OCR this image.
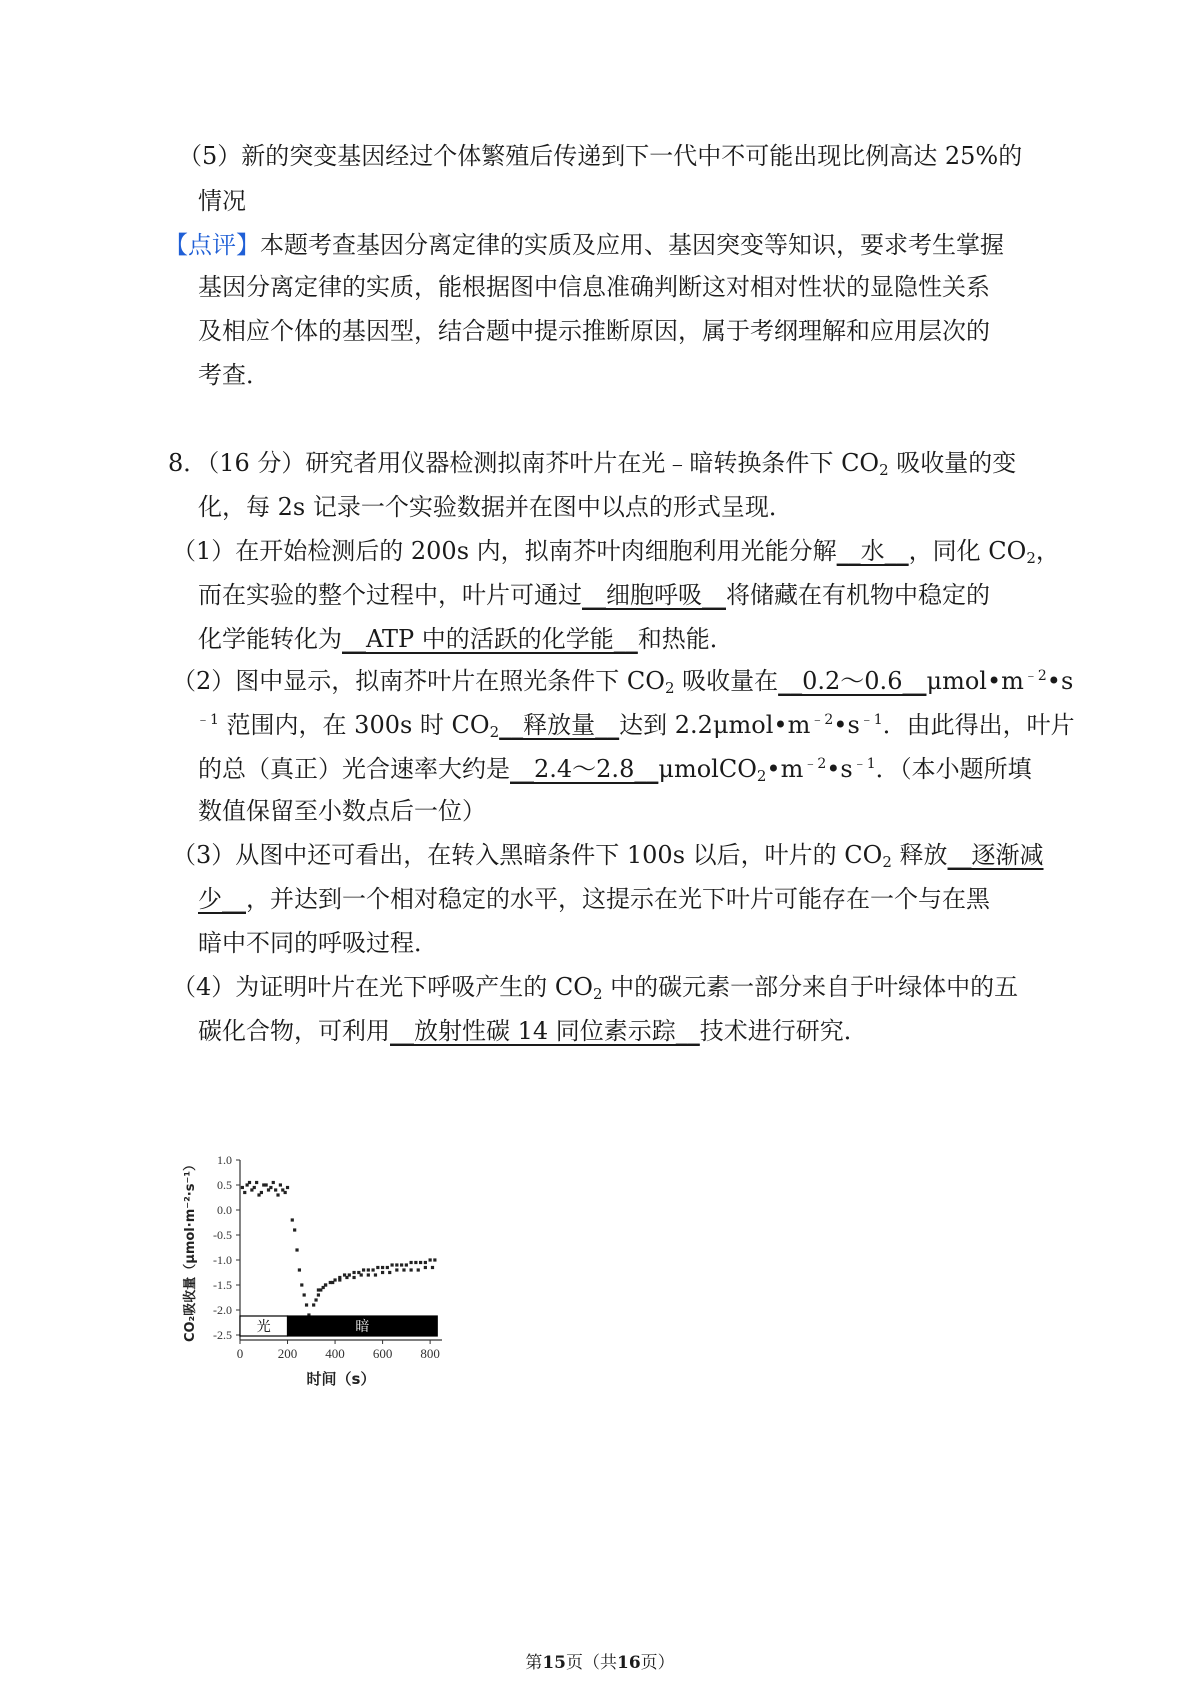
（5）新的突变基因经过个体繁殖后传递到下一代中不可能出现比例高达 25%的
情况
【点评】本题考查基因分离定律的实质及应用、基因突变等知识，要求考生掌握
基因分离定律的实质，能根据图中信息准确判断这对相对性状的显隐性关系
及相应个体的基因型，结合题中提示推断原因，属于考纲理解和应用层次的
考查．
8．（16 分）研究者用仪器检测拟南芥叶片在光﹣暗转换条件下 $CO_2$ 吸收量的变
化，每 2s 记录一个实验数据并在图中以点的形式呈现．
（1）在开始检测后的 200s 内，拟南芥叶肉细胞利用光能分解__水__，同化 $CO_2$，
而在实验的整个过程中，叶片可通过__细胞呼吸__将储藏在有机物中稳定的
化学能转化为__ATP 中的活跃的化学能__和热能．
（2）图中显示，拟南芥叶片在照光条件下 $CO_2$ 吸收量在$\_\_0.2\sim 0.6\_\_\mu mol•m^{﹣2}•s$
$^{﹣1}$ 范围内，在 300s 时 $CO_2\_\_$释放量__达到 $2.2\mu mol•m^{﹣2}•s^{﹣1}$．由此得出，叶片
的总（真正）光合速率大约是$\_\_2.4\sim 2.8\_\_\mu molCO_2•m^{﹣2}•s^{﹣1}$．（本小题所填
数值保留至小数点后一位）
（3）从图中还可看出，在转入黑暗条件下 100s 以后，叶片的 $CO_2$ 释放__逐渐减
少__，并达到一个相对稳定的水平，这提示在光下叶片可能存在一个与在黑
暗中不同的呼吸过程．
（4）为证明叶片在光下呼吸产生的 $CO_2$ 中的碳元素一部分来自于叶绿体中的五
碳化合物，可利用__放射性碳 14 同位素示踪__技术进行研究．
光	暗
1.0
0.5
0.0
-0.5
-1.0
-1.5
-2.0
-2.5
0	200 400 600 800
时间（s）
CO₂吸收量（μmol·m⁻²·s⁻¹）
第15页（共16页）
